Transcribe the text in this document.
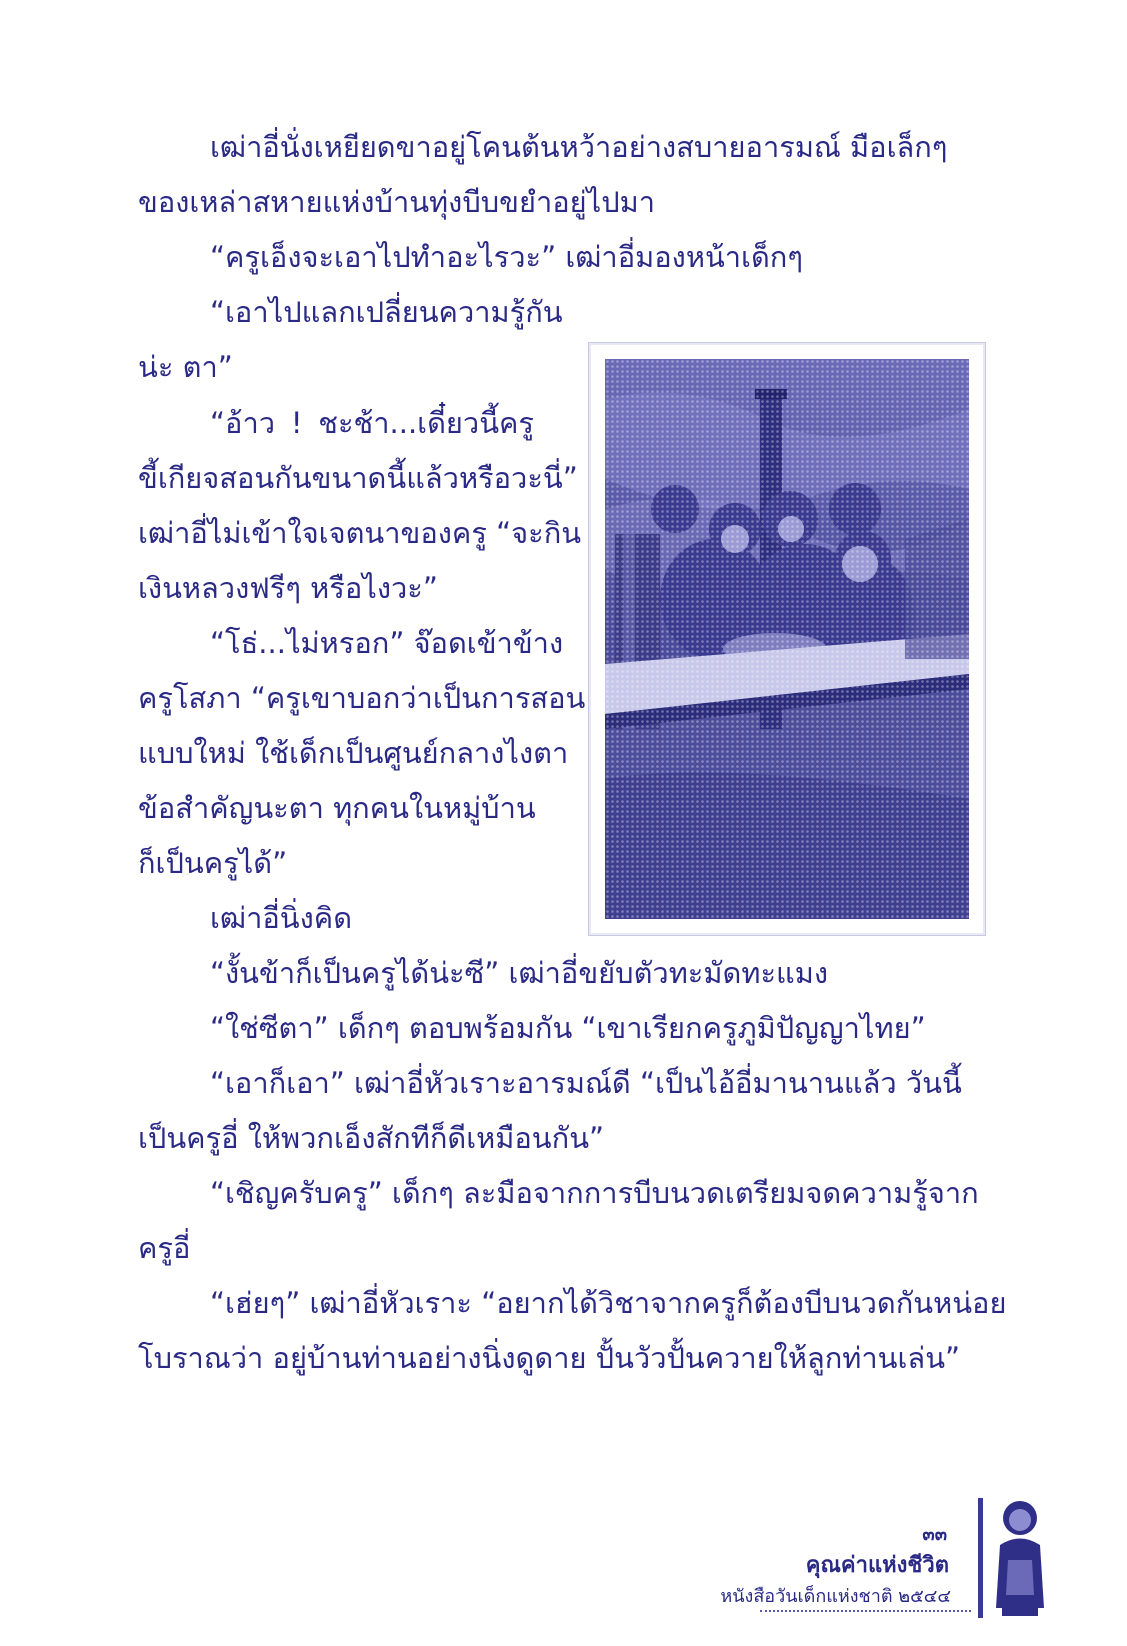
เฒ่าอี่นั่งเหยียดขาอยู่โคนต้นหว้าอย่างสบายอารมณ์ มือเล็กๆ
ของเหล่าสหายแห่งบ้านทุ่งบีบขยำอยู่ไปมา
“ครูเอ็งจะเอาไปทำอะไรวะ” เฒ่าอี่มองหน้าเด็กๆ
“เอาไปแลกเปลี่ยนความรู้กัน
น่ะ ตา”
“อ้าว ! ชะช้า...เดี๋ยวนี้ครู
ขี้เกียจสอนกันขนาดนี้แล้วหรือวะนี่”
เฒ่าอี่ไม่เข้าใจเจตนาของครู “จะกิน
เงินหลวงฟรีๆ หรือไงวะ”
“โธ่...ไม่หรอก” จ๊อดเข้าข้าง
ครูโสภา “ครูเขาบอกว่าเป็นการสอน
แบบใหม่ ใช้เด็กเป็นศูนย์กลางไงตา
ข้อสำคัญนะตา ทุกคนในหมู่บ้าน
ก็เป็นครูได้”
เฒ่าอี่นิ่งคิด
“งั้นข้าก็เป็นครูได้น่ะซี” เฒ่าอี่ขยับตัวทะมัดทะแมง
“ใช่ซีตา” เด็กๆ ตอบพร้อมกัน “เขาเรียกครูภูมิปัญญาไทย”
“เอาก็เอา” เฒ่าอี่หัวเราะอารมณ์ดี “เป็นไอ้อี่มานานแล้ว วันนี้
เป็นครูอี่ ให้พวกเอ็งสักทีก็ดีเหมือนกัน”
“เชิญครับครู” เด็กๆ ละมือจากการบีบนวดเตรียมจดความรู้จาก
ครูอี่
“เฮ่ยๆ” เฒ่าอี่หัวเราะ “อยากได้วิชาจากครูก็ต้องบีบนวดกันหน่อย
โบราณว่า อยู่บ้านท่านอย่างนิ่งดูดาย ปั้นวัวปั้นควายให้ลูกท่านเล่น”
๓๓
คุณค่าแห่งชีวิต
หนังสือวันเด็กแห่งชาติ ๒๕๔๔
